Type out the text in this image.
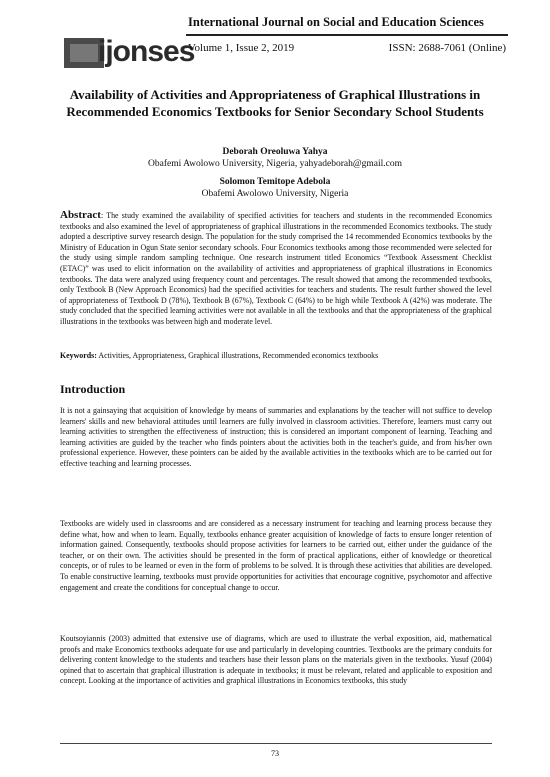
ijonses
International Journal on Social and Education Sciences
Volume 1, Issue 2, 2019	ISSN: 2688-7061 (Online)
Availability of Activities and Appropriateness of Graphical Illustrations in Recommended Economics Textbooks for Senior Secondary School Students
Deborah Oreoluwa Yahya
Obafemi Awolowo University, Nigeria, yahyadeborah@gmail.com
Solomon Temitope Adebola
Obafemi Awolowo University, Nigeria
Abstract: The study examined the availability of specified activities for teachers and students in the recommended Economics textbooks and also examined the level of appropriateness of graphical illustrations in the recommended Economics textbooks. The study adopted a descriptive survey research design. The population for the study comprised the 14 recommended Economics textbooks by the Ministry of Education in Ogun State senior secondary schools. Four Economics textbooks among those recommended were selected for the study using simple random sampling technique. One research instrument titled Economics “Textbook Assessment Checklist (ETAC)” was used to elicit information on the availability of activities and appropriateness of graphical illustrations in Economics textbooks. The data were analyzed using frequency count and percentages. The result showed that among the recommended textbooks, only Textbook B (New Approach Economics) had the specified activities for teachers and students. The result further showed the level of appropriateness of Textbook D (78%), Textbook B (67%), Textbook C (64%) to be high while Textbook A (42%) was moderate. The study concluded that the specified learning activities were not available in all the textbooks and that the appropriateness of the graphical illustrations in the textbooks was between high and moderate level.
Keywords: Activities, Appropriateness, Graphical illustrations, Recommended economics textbooks
Introduction
It is not a gainsaying that acquisition of knowledge by means of summaries and explanations by the teacher will not suffice to develop learners' skills and new behavioral attitudes until learners are fully involved in classroom activities. Therefore, learners must carry out learning activities to strengthen the effectiveness of instruction; this is considered an important component of learning. Teaching and learning activities are guided by the teacher who finds pointers about the activities both in the teacher's guide, and from his/her own professional experience. However, these pointers can be aided by the available activities in the textbooks which are to be carried out for effective teaching and learning processes.
Textbooks are widely used in classrooms and are considered as a necessary instrument for teaching and learning process because they define what, how and when to learn. Equally, textbooks enhance greater acquisition of knowledge of facts to ensure longer retention of information gained. Consequently, textbooks should propose activities for learners to be carried out, either under the guidance of the teacher, or on their own. The activities should be presented in the form of practical applications, either of knowledge or theoretical concepts, or of rules to be learned or even in the form of problems to be solved. It is through these activities that abilities are developed. To enable constructive learning, textbooks must provide opportunities for activities that encourage cognitive, psychomotor and affective engagement and create the conditions for conceptual change to occur.
Koutsoyiannis (2003) admitted that extensive use of diagrams, which are used to illustrate the verbal exposition, aid, mathematical proofs and make Economics textbooks adequate for use and particularly in developing countries. Textbooks are the primary conduits for delivering content knowledge to the students and teachers base their lesson plans on the materials given in the textbooks. Yusuf (2004) opined that to ascertain that graphical illustration is adequate in textbooks; it must be relevant, related and applicable to exposition and concept. Looking at the importance of activities and graphical illustrations in Economics textbooks, this study
73
